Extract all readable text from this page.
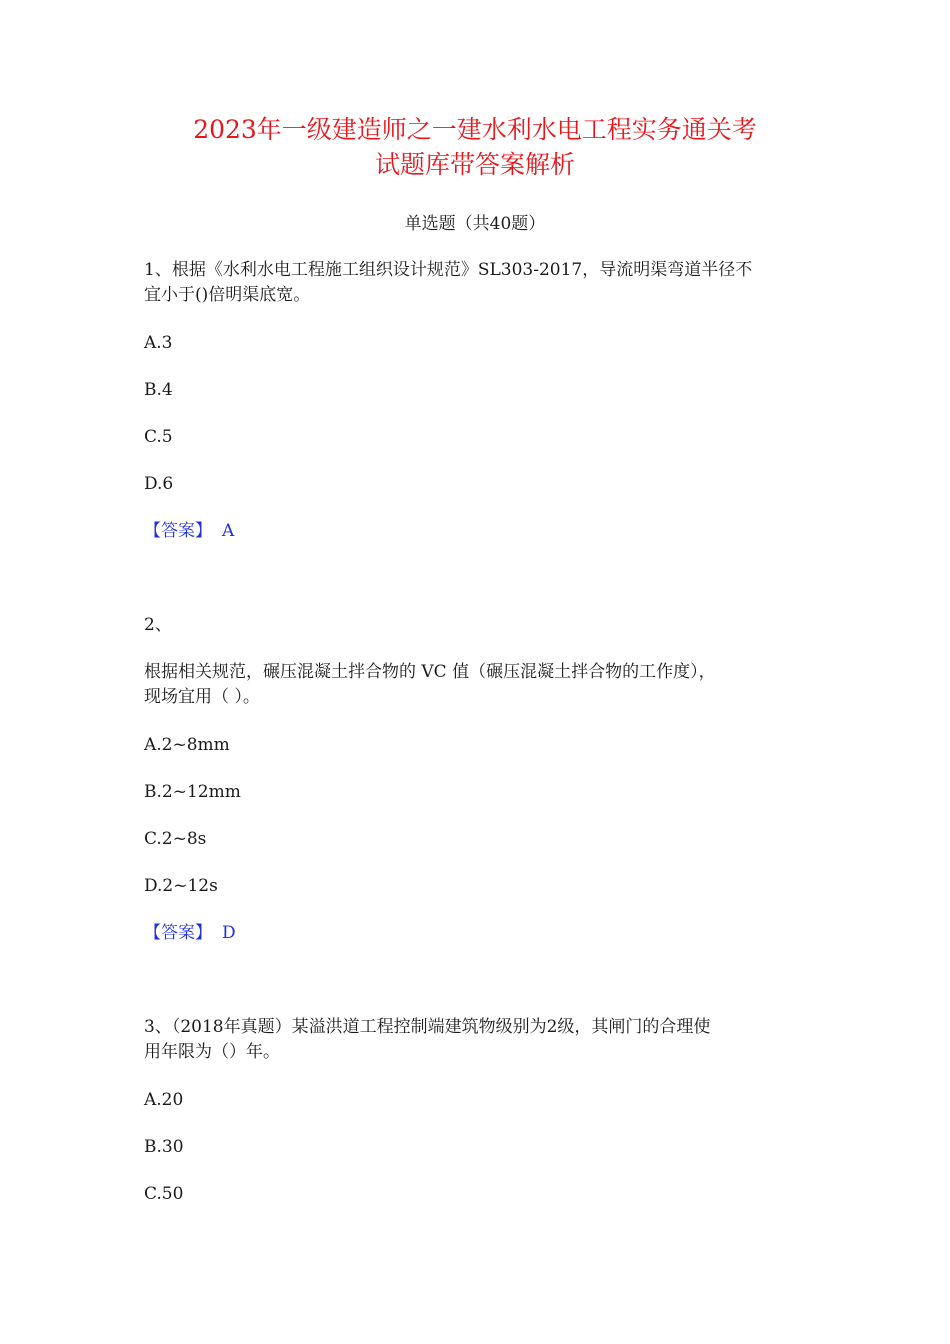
2023年一级建造师之一建水利水电工程实务通关考
试题库带答案解析
单选题（共40题）
1、根据《水利水电工程施工组织设计规范》SL303-2017，导流明渠弯道半径不
宜小于()倍明渠底宽。
A.3
B.4
C.5
D.6
【答案】 A
2、
根据相关规范，碾压混凝土拌合物的 VC 值（碾压混凝土拌合物的工作度），
现场宜用（ ）。
A.2~8mm
B.2~12mm
C.2~8s
D.2~12s
【答案】 D
3、（2018年真题）某溢洪道工程控制端建筑物级别为2级，其闸门的合理使
用年限为（）年。
A.20
B.30
C.50
